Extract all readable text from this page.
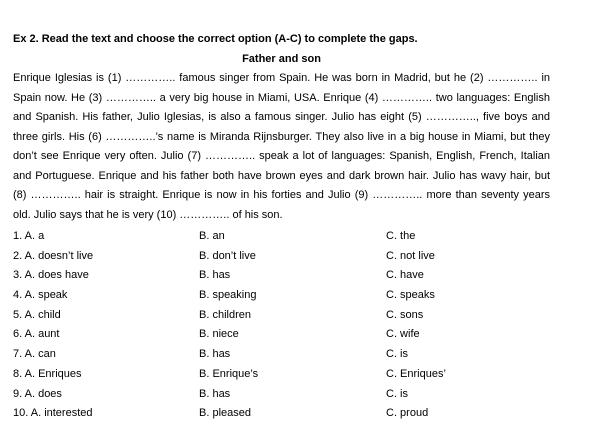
Ex 2. Read the text and choose the correct option (A-C) to complete the gaps.

Father and son

Enrique Iglesias is (1) ………….. famous singer from Spain. He was born in Madrid, but he (2) ………….. in Spain now. He (3) ………….. a very big house in Miami, USA. Enrique (4) ………….. two languages: English and Spanish. His father, Julio Iglesias, is also a famous singer. Julio has eight (5) ………….., five boys and three girls. His (6) …………..’s name is Miranda Rijnsburger. They also live in a big house in Miami, but they don’t see Enrique very often. Julio (7) ………….. speak a lot of languages: Spanish, English, French, Italian and Portuguese. Enrique and his father both have brown eyes and dark brown hair. Julio has wavy hair, but (8) ………….. hair is straight. Enrique is now in his forties and Julio (9) ………….. more than seventy years old. Julio says that he is very (10) ………….. of his son.

1. A. a	B. an	C. the
2. A. doesn’t live	B. don’t live	C. not live
3. A. does have	B. has	C. have
4. A. speak	B. speaking	C. speaks
5. A. child	B. children	C. sons
6. A. aunt	B. niece	C. wife
7. A. can	B. has	C. is
8. A. Enriques	B. Enrique’s	C. Enriques’
9. A. does	B. has	C. is
10. A. interested	B. pleased	C. proud
